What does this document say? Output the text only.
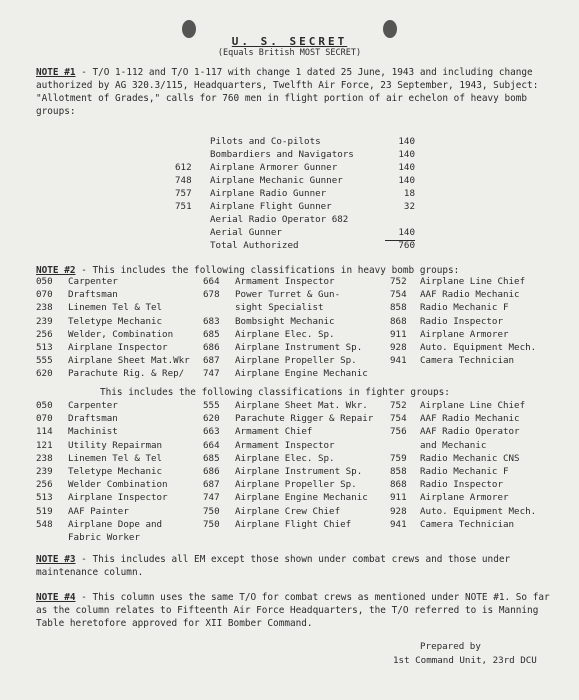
U. S. SECRET
(Equals British MOST SECRET)
NOTE #1 - T/O 1-112 and T/O 1-117 with change 1 dated 25 June, 1943 and including change authorized by AG 320.3/115, Headquarters, Twelfth Air Force, 23 September, 1943, Subject: "Allotment of Grades," calls for 760 men in flight portion of air echelon of heavy bomb groups:
Pilots and Co-pilots	140
Bombardiers and Navigators	140
612	Airplane Armorer Gunner	140
748	Airplane Mechanic Gunner	140
757	Airplane Radio Gunner	18
751	Airplane Flight Gunner	32
Aerial Radio Operator 682
Aerial Gunner	140
Total Authorized	760
NOTE #2 - This includes the following classifications in heavy bomb groups:
050	Carpenter	664	Armament Inspector	752	Airplane Line Chief
070	Draftsman	678	Power Turret & Gun-	754	AAF Radio Mechanic
238	Linemen Tel & Tel	sight Specialist	858	Radio Mechanic F
239	Teletype Mechanic	683	Bombsight Mechanic	868	Radio Inspector
256	Welder, Combination	685	Airplane Elec. Sp.	911	Airplane Armorer
513	Airplane Inspector	686	Airplane Instrument Sp.	928	Auto. Equipment Mech.
555	Airplane Sheet Mat.Wkr 687	Airplane Propeller Sp.	941	Camera Technician
620	Parachute Rig. & Rep/ 747	Airplane Engine Mechanic
This includes the following classifications in fighter groups:
050	Carpenter	555	Airplane Sheet Mat. Wkr. 752	Airplane Line Chief
070	Draftsman	620	Parachute Rigger & Repair 754	AAF Radio Mechanic
114	Machinist	663	Armament Chief	756	AAF Radio Operator
121	Utility Repairman	664	Armament Inspector	and Mechanic
238	Linemen Tel & Tel	685	Airplane Elec. Sp.	759	Radio Mechanic CNS
239	Teletype Mechanic	686	Airplane Instrument Sp.	858	Radio Mechanic F
256	Welder Combination	687	Airplane Propeller Sp.	868	Radio Inspector
513	Airplane Inspector	747	Airplane Engine Mechanic 911	Airplane Armorer
519	AAF Painter	750	Airplane Crew Chief	928	Auto. Equipment Mech.
548	Airplane Dope and	750	Airplane Flight Chief	941	Camera Technician
Fabric Worker
NOTE #3 - This includes all EM except those shown under combat crews and those under maintenance column.
NOTE #4 - This column uses the same T/O for combat crews as mentioned under NOTE #1. So far as the column relates to Fifteenth Air Force Headquarters, the T/O referred to is Manning Table heretofore approved for XII Bomber Command.
Prepared by
1st Command Unit, 23rd DCU
